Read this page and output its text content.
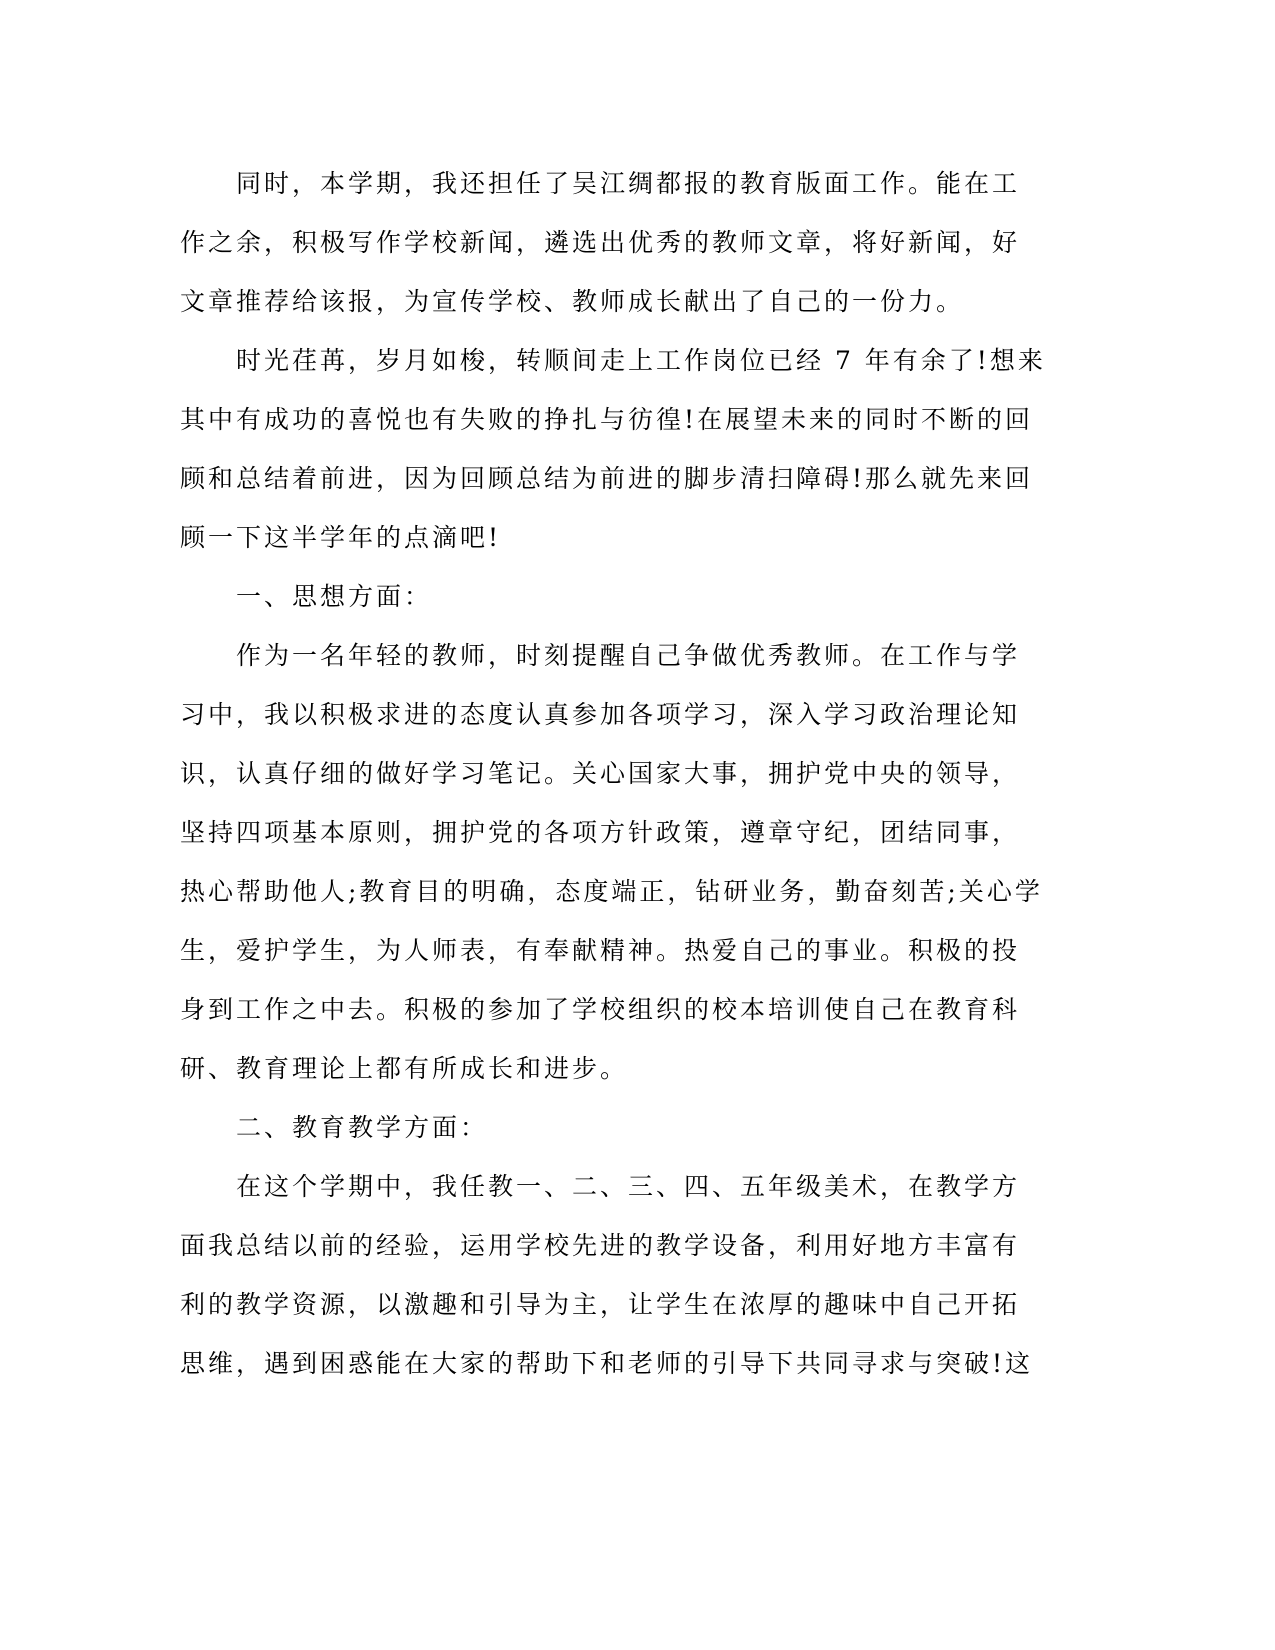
　　同时，本学期，我还担任了吴江绸都报的教育版面工作。能在工
作之余，积极写作学校新闻，遴选出优秀的教师文章，将好新闻，好
文章推荐给该报，为宣传学校、教师成长献出了自己的一份力。

　　时光荏苒，岁月如梭，转顺间走上工作岗位已经 7 年有余了!想来
其中有成功的喜悦也有失败的挣扎与彷徨!在展望未来的同时不断的回
顾和总结着前进，因为回顾总结为前进的脚步清扫障碍!那么就先来回
顾一下这半学年的点滴吧!

　　一、思想方面：

　　作为一名年轻的教师，时刻提醒自己争做优秀教师。在工作与学
习中，我以积极求进的态度认真参加各项学习，深入学习政治理论知
识，认真仔细的做好学习笔记。关心国家大事，拥护党中央的领导，
坚持四项基本原则，拥护党的各项方针政策，遵章守纪，团结同事，
热心帮助他人;教育目的明确，态度端正，钻研业务，勤奋刻苦;关心学
生，爱护学生，为人师表，有奉献精神。热爱自己的事业。积极的投
身到工作之中去。积极的参加了学校组织的校本培训使自己在教育科
研、教育理论上都有所成长和进步。

　　二、教育教学方面：

　　在这个学期中，我任教一、二、三、四、五年级美术，在教学方
面我总结以前的经验，运用学校先进的教学设备，利用好地方丰富有
利的教学资源，以激趣和引导为主，让学生在浓厚的趣味中自己开拓
思维，遇到困惑能在大家的帮助下和老师的引导下共同寻求与突破!这
